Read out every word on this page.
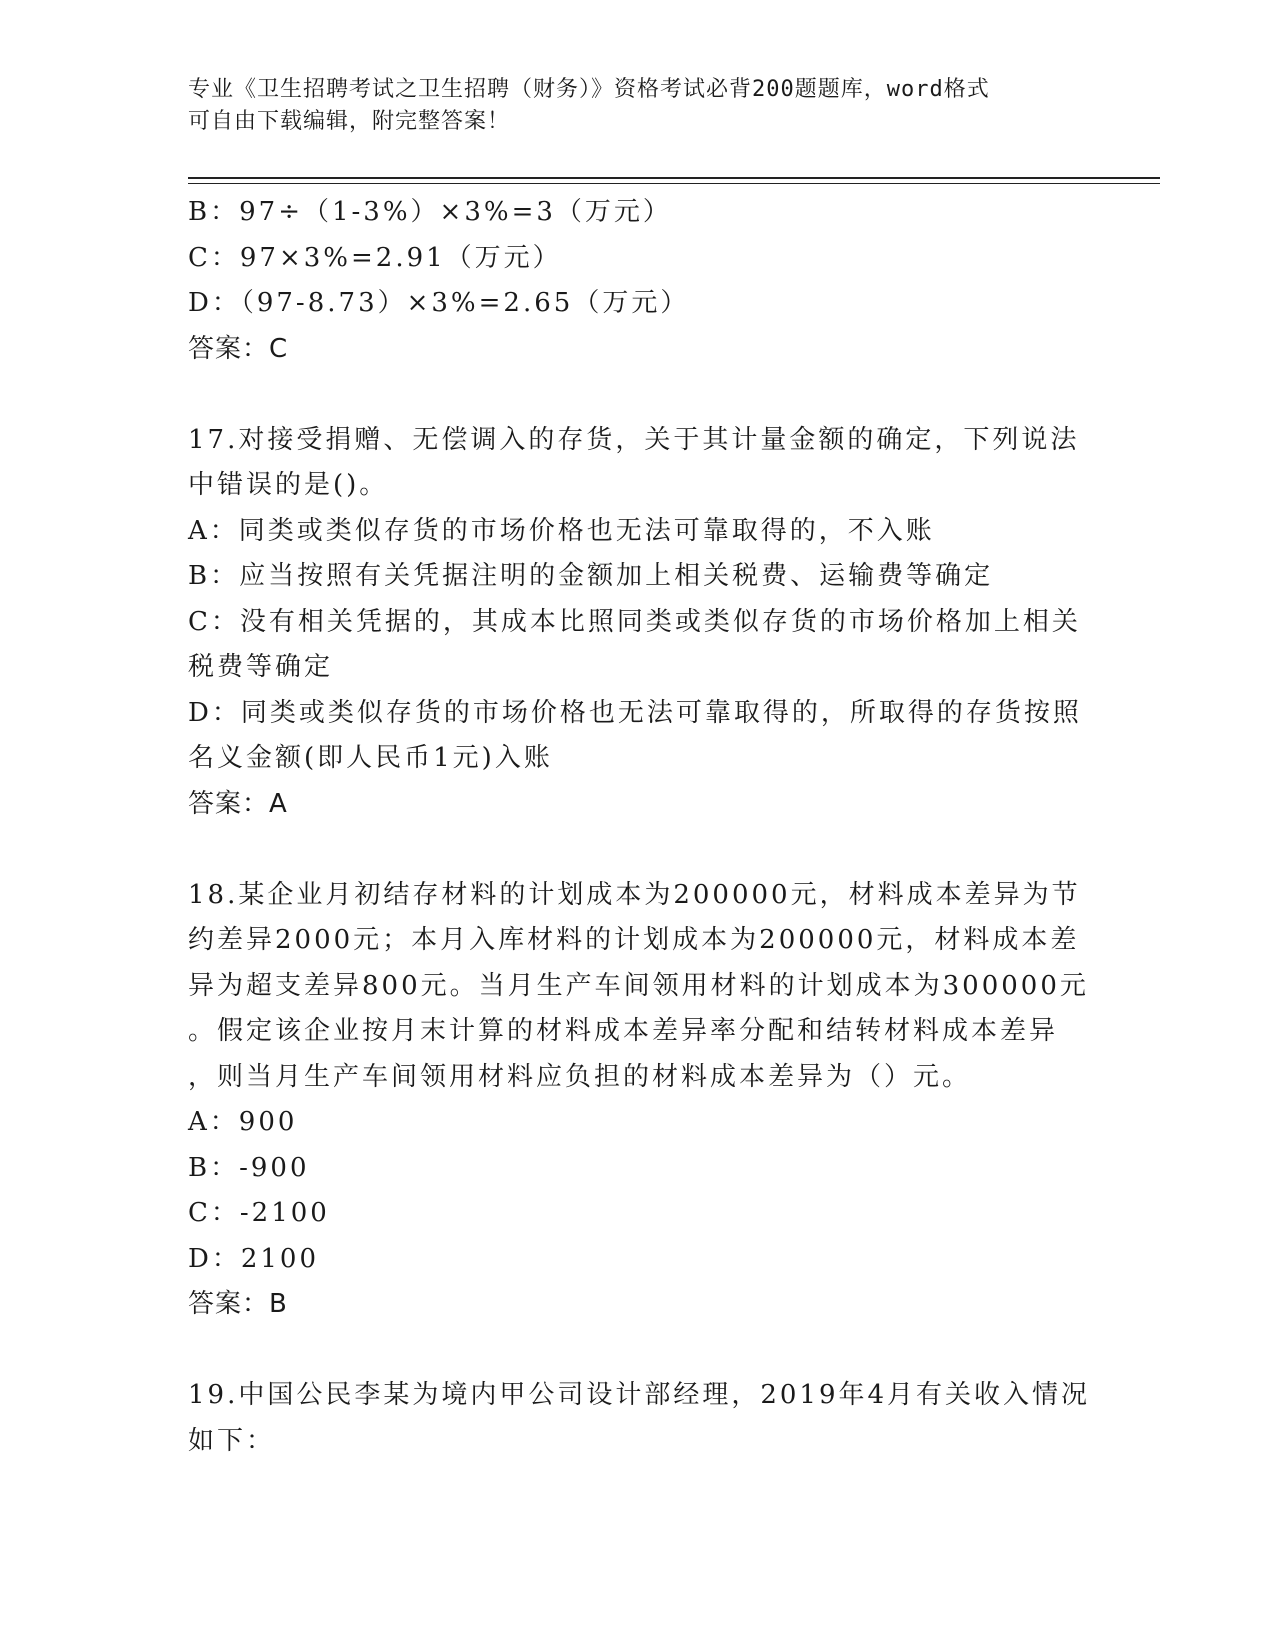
专业《卫生招聘考试之卫生招聘（财务）》资格考试必背200题题库，word格式
可自由下载编辑，附完整答案！

B：97÷（1-3%）×3%=3（万元）

C：97×3%=2.91（万元）

D：（97-8.73）×3%=2.65（万元）

答案：C

17.对接受捐赠、无偿调入的存货，关于其计量金额的确定，下列说法

中错误的是()。

A：同类或类似存货的市场价格也无法可靠取得的，不入账

B：应当按照有关凭据注明的金额加上相关税费、运输费等确定

C：没有相关凭据的，其成本比照同类或类似存货的市场价格加上相关

税费等确定

D：同类或类似存货的市场价格也无法可靠取得的，所取得的存货按照

名义金额(即人民币1元)入账

答案：A

18.某企业月初结存材料的计划成本为200000元，材料成本差异为节

约差异2000元；本月入库材料的计划成本为200000元，材料成本差

异为超支差异800元。当月生产车间领用材料的计划成本为300000元

。假定该企业按月末计算的材料成本差异率分配和结转材料成本差异

，则当月生产车间领用材料应负担的材料成本差异为（）元。

A：900

B：-900

C：-2100

D：2100

答案：B

19.中国公民李某为境内甲公司设计部经理，2019年4月有关收入情况

如下：
